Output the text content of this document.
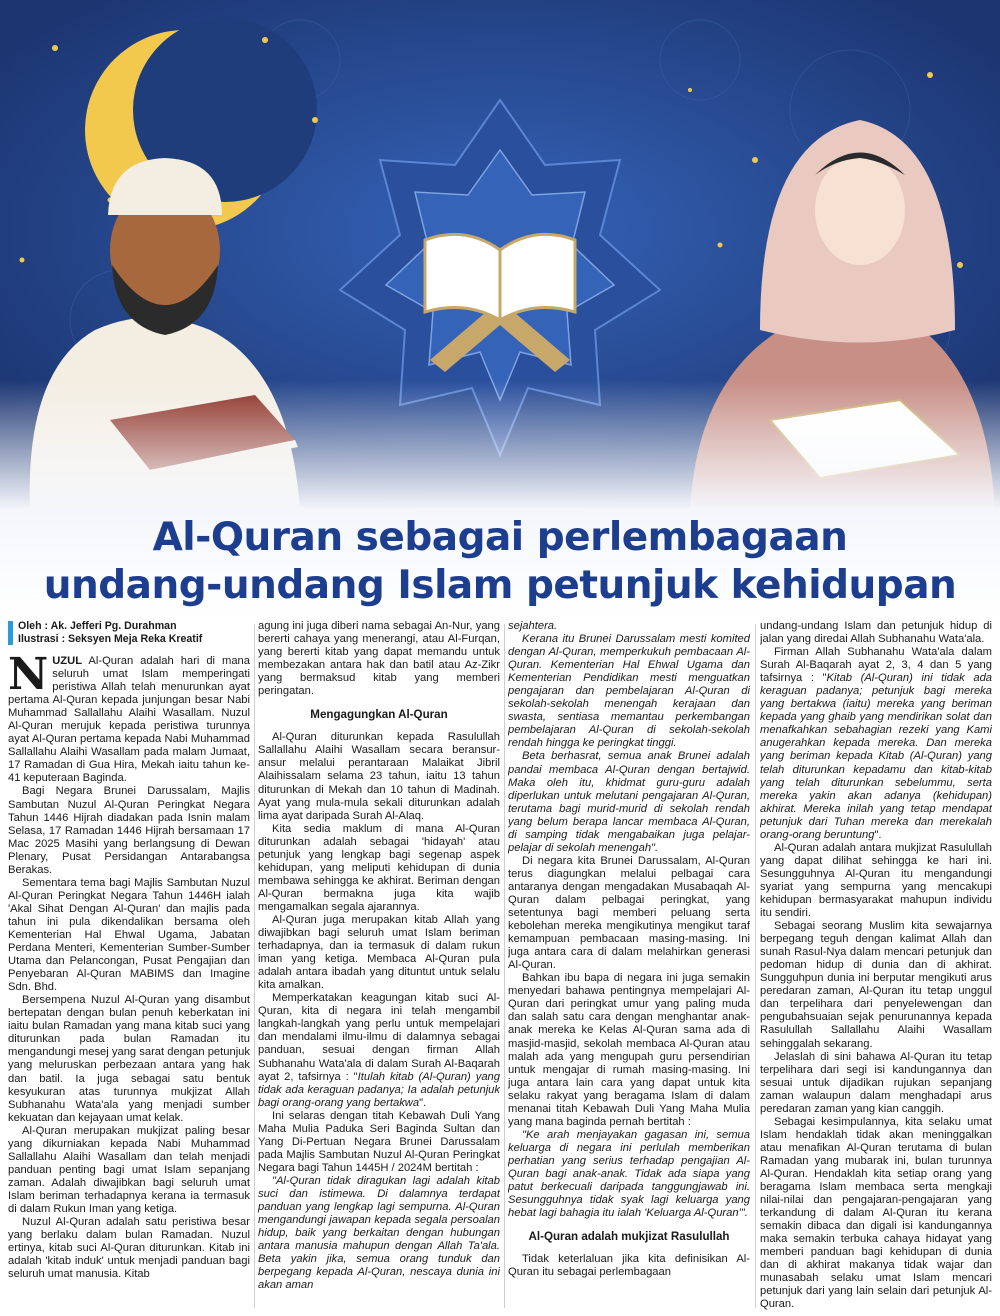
Al-Quran sebagai perlembagaan
undang-undang Islam petunjuk kehidupan
Oleh : Ak. Jefferi Pg. Durahman
Ilustrasi : Seksyen Meja Reka Kreatif

NUZUL Al-Quran adalah hari di mana seluruh umat Islam memperingati peristiwa Allah telah menurunkan ayat pertama Al-Quran kepada junjungan besar Nabi Muhammad Sallallahu Alaihi Wasallam. Nuzul Al-Quran merujuk kepada peristiwa turunnya ayat Al-Quran pertama kepada Nabi Muhammad Sallallahu Alaihi Wasallam pada malam Jumaat, 17 Ramadan di Gua Hira, Mekah iaitu tahun ke-41 keputeraan Baginda.

Bagi Negara Brunei Darussalam, Majlis Sambutan Nuzul Al-Quran Peringkat Negara Tahun 1446 Hijrah diadakan pada Isnin malam Selasa, 17 Ramadan 1446 Hijrah bersamaan 17 Mac 2025 Masihi yang berlangsung di Dewan Plenary, Pusat Persidangan Antarabangsa Berakas.

Sementara tema bagi Majlis Sambutan Nuzul Al-Quran Peringkat Negara Tahun 1446H ialah 'Akal Sihat Dengan Al-Quran' dan majlis pada tahun ini pula dikendalikan bersama oleh Kementerian Hal Ehwal Ugama, Jabatan Perdana Menteri, Kementerian Sumber-Sumber Utama dan Pelancongan, Pusat Pengajian dan Penyebaran Al-Quran MABIMS dan Imagine Sdn. Bhd.

Bersempena Nuzul Al-Quran yang disambut bertepatan dengan bulan penuh keberkatan ini iaitu bulan Ramadan yang mana kitab suci yang diturunkan pada bulan Ramadan itu mengandungi mesej yang sarat dengan petunjuk yang meluruskan perbezaan antara yang hak dan batil. Ia juga sebagai satu bentuk kesyukuran atas turunnya mukjizat Allah Subhanahu Wata'ala yang menjadi sumber kekuatan dan kejayaan umat kelak.

Al-Quran merupakan mukjizat paling besar yang dikurniakan kepada Nabi Muhammad Sallallahu Alaihi Wasallam dan telah menjadi panduan penting bagi umat Islam sepanjang zaman. Adalah diwajibkan bagi seluruh umat Islam beriman terhadapnya kerana ia termasuk di dalam Rukun Iman yang ketiga.

Nuzul Al-Quran adalah satu peristiwa besar yang berlaku dalam bulan Ramadan. Nuzul ertinya, kitab suci Al-Quran diturunkan. Kitab ini adalah 'kitab induk' untuk menjadi panduan bagi seluruh umat manusia. Kitab

agung ini juga diberi nama sebagai An-Nur, yang bererti cahaya yang menerangi, atau Al-Furqan, yang bererti kitab yang dapat memandu untuk membezakan antara hak dan batil atau Az-Zikr yang bermaksud kitab yang memberi peringatan.

Mengagungkan Al-Quran

Al-Quran diturunkan kepada Rasulullah Sallallahu Alaihi Wasallam secara beransur-ansur melalui perantaraan Malaikat Jibril Alaihissalam selama 23 tahun, iaitu 13 tahun diturunkan di Mekah dan 10 tahun di Madinah. Ayat yang mula-mula sekali diturunkan adalah lima ayat daripada Surah Al-Alaq.

Kita sedia maklum di mana Al-Quran diturunkan adalah sebagai 'hidayah' atau petunjuk yang lengkap bagi segenap aspek kehidupan, yang meliputi kehidupan di dunia membawa sehingga ke akhirat. Beriman dengan Al-Quran bermakna juga kita wajib mengamalkan segala ajarannya.

Al-Quran juga merupakan kitab Allah yang diwajibkan bagi seluruh umat Islam beriman terhadapnya, dan ia termasuk di dalam rukun iman yang ketiga. Membaca Al-Quran pula adalah antara ibadah yang dituntut untuk selalu kita amalkan.

Memperkatakan keagungan kitab suci Al-Quran, kita di negara ini telah mengambil langkah-langkah yang perlu untuk mempelajari dan mendalami ilmu-ilmu di dalamnya sebagai panduan, sesuai dengan firman Allah Subhanahu Wata'ala di dalam Surah Al-Baqarah ayat 2, tafsirnya : "Itulah kitab (Al-Quran) yang tidak ada keraguan padanya; Ia adalah petunjuk bagi orang-orang yang bertakwa".

Ini selaras dengan titah Kebawah Duli Yang Maha Mulia Paduka Seri Baginda Sultan dan Yang Di-Pertuan Negara Brunei Darussalam pada Majlis Sambutan Nuzul Al-Quran Peringkat Negara bagi Tahun 1445H / 2024M bertitah :

"Al-Quran tidak diragukan lagi adalah kitab suci dan istimewa. Di dalamnya terdapat panduan yang lengkap lagi sempurna. Al-Quran mengandungi jawapan kepada segala persoalan hidup, baik yang berkaitan dengan hubungan antara manusia mahupun dengan Allah Ta'ala. Beta yakin jika, semua orang tunduk dan berpegang kepada Al-Quran, nescaya dunia ini akan aman

sejahtera.

Kerana itu Brunei Darussalam mesti komited dengan Al-Quran, memperkukuh pembacaan Al-Quran. Kementerian Hal Ehwal Ugama dan Kementerian Pendidikan mesti menguatkan pengajaran dan pembelajaran Al-Quran di sekolah-sekolah menengah kerajaan dan swasta, sentiasa memantau perkembangan pembelajaran Al-Quran di sekolah-sekolah rendah hingga ke peringkat tinggi.

Beta berhasrat, semua anak Brunei adalah pandai membaca Al-Quran dengan bertajwid. Maka oleh itu, khidmat guru-guru adalah diperlukan untuk melutani pengajaran Al-Quran, terutama bagi murid-murid di sekolah rendah yang belum berapa lancar membaca Al-Quran, di samping tidak mengabaikan juga pelajar-pelajar di sekolah menengah".

Di negara kita Brunei Darussalam, Al-Quran terus diagungkan melalui pelbagai cara antaranya dengan mengadakan Musabaqah Al-Quran dalam pelbagai peringkat, yang setentunya bagi memberi peluang serta kebolehan mereka mengikutinya mengikut taraf kemampuan pembacaan masing-masing. Ini juga antara cara di dalam melahirkan generasi Al-Quran.

Bahkan ibu bapa di negara ini juga semakin menyedari bahawa pentingnya mempelajari Al-Quran dari peringkat umur yang paling muda dan salah satu cara dengan menghantar anak-anak mereka ke Kelas Al-Quran sama ada di masjid-masjid, sekolah membaca Al-Quran atau malah ada yang mengupah guru persendirian untuk mengajar di rumah masing-masing. Ini juga antara lain cara yang dapat untuk kita selaku rakyat yang beragama Islam di dalam menanai titah Kebawah Duli Yang Maha Mulia yang mana baginda pernah bertitah :

"Ke arah menjayakan gagasan ini, semua keluarga di negara ini perlulah memberikan perhatian yang serius terhadap pengajian Al-Quran bagi anak-anak. Tidak ada siapa yang patut berkecuali daripada tanggungjawab ini. Sesungguhnya tidak syak lagi keluarga yang hebat lagi bahagia itu ialah 'Keluarga Al-Quran'".

Al-Quran adalah mukjizat Rasulullah

Tidak keterlaluan jika kita definisikan Al-Quran itu sebagai perlembagaan

undang-undang Islam dan petunjuk hidup di jalan yang diredai Allah Subhanahu Wata'ala.

Firman Allah Subhanahu Wata'ala dalam Surah Al-Baqarah ayat 2, 3, 4 dan 5 yang tafsirnya : "Kitab (Al-Quran) ini tidak ada keraguan padanya; petunjuk bagi mereka yang bertakwa (iaitu) mereka yang beriman kepada yang ghaib yang mendirikan solat dan menafkahkan sebahagian rezeki yang Kami anugerahkan kepada mereka. Dan mereka yang beriman kepada Kitab (Al-Quran) yang telah diturunkan kepadamu dan kitab-kitab yang telah diturunkan sebelummu, serta mereka yakin akan adanya (kehidupan) akhirat. Mereka inilah yang tetap mendapat petunjuk dari Tuhan mereka dan merekalah orang-orang beruntung".

Al-Quran adalah antara mukjizat Rasulullah yang dapat dilihat sehingga ke hari ini. Sesungguhnya Al-Quran itu mengandungi syariat yang sempurna yang mencakupi kehidupan bermasyarakat mahupun individu itu sendiri.

Sebagai seorang Muslim kita sewajarnya berpegang teguh dengan kalimat Allah dan sunah Rasul-Nya dalam mencari petunjuk dan pedoman hidup di dunia dan di akhirat. Sungguhpun dunia ini berputar mengikuti arus peredaran zaman, Al-Quran itu tetap unggul dan terpelihara dari penyelewengan dan pengubahsuaian sejak penurunannya kepada Rasulullah Sallallahu Alaihi Wasallam sehinggalah sekarang.

Jelaslah di sini bahawa Al-Quran itu tetap terpelihara dari segi isi kandungannya dan sesuai untuk dijadikan rujukan sepanjang zaman walaupun dalam menghadapi arus peredaran zaman yang kian canggih.

Sebagai kesimpulannya, kita selaku umat Islam hendaklah tidak akan meninggalkan atau menafikan Al-Quran terutama di bulan Ramadan yang mubarak ini, bulan turunnya Al-Quran. Hendaklah kita setiap orang yang beragama Islam membaca serta mengkaji nilai-nilai dan pengajaran-pengajaran yang terkandung di dalam Al-Quran itu kerana semakin dibaca dan digali isi kandungannya maka semakin terbuka cahaya hidayat yang memberi panduan bagi kehidupan di dunia dan di akhirat makanya tidak wajar dan munasabah selaku umat Islam mencari petunjuk dari yang lain selain dari petunjuk Al-Quran.
